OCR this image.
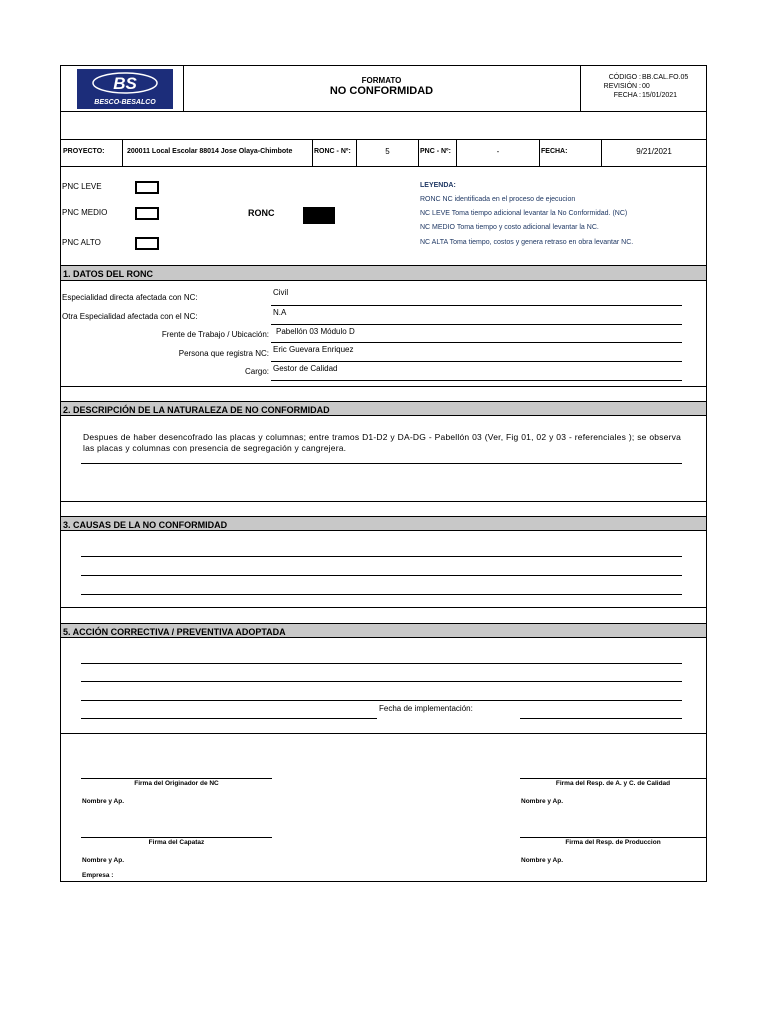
BS
BESCO-BESALCO
FORMATO
NO CONFORMIDAD
CÓDIGO : BB.CAL.FO.05
REVISIÓN : 00
FECHA : 15/01/2021
PROYECTO:	200011 Local Escolar 88014 Jose Olaya-Chimbote	RONC - Nº:	5	PNC - Nº:	-	FECHA:	9/21/2021
PNC LEVE
PNC MEDIO
PNC ALTO
RONC
LEYENDA:
RONC NC identificada en el proceso de ejecucion
NC LEVE Toma tiempo adicional levantar la No Conformidad. (NC)
NC MEDIO Toma tiempo y costo adicional levantar la NC.
NC ALTA Toma tiempo, costos y genera retraso en obra levantar NC.
1. DATOS DEL RONC
Especialidad directa afectada con NC:
Civil
Otra Especialidad afectada con el NC:	N.A
Frente de Trabajo / Ubicación: Pabellón 03 Módulo D
Persona que registra NC: Eric Guevara Enriquez
Cargo: Gestor de Calidad
2. DESCRIPCIÓN DE LA NATURALEZA DE NO CONFORMIDAD
Despues de haber desencofrado las placas y columnas; entre tramos D1-D2 y DA-DG - Pabellón 03 (Ver, Fig 01, 02 y 03 - referenciales ); se observa las placas y columnas con presencia de segregación y cangrejera.
3. CAUSAS DE LA NO CONFORMIDAD
5. ACCIÓN CORRECTIVA / PREVENTIVA ADOPTADA
Fecha de implementación:
Firma del Originador de NC	Firma del Resp. de A. y C. de Calidad
Nombre y Ap.	Nombre y Ap.
Firma del Capataz	Firma del Resp. de Produccion
Nombre y Ap.	Nombre y Ap.
Empresa :
